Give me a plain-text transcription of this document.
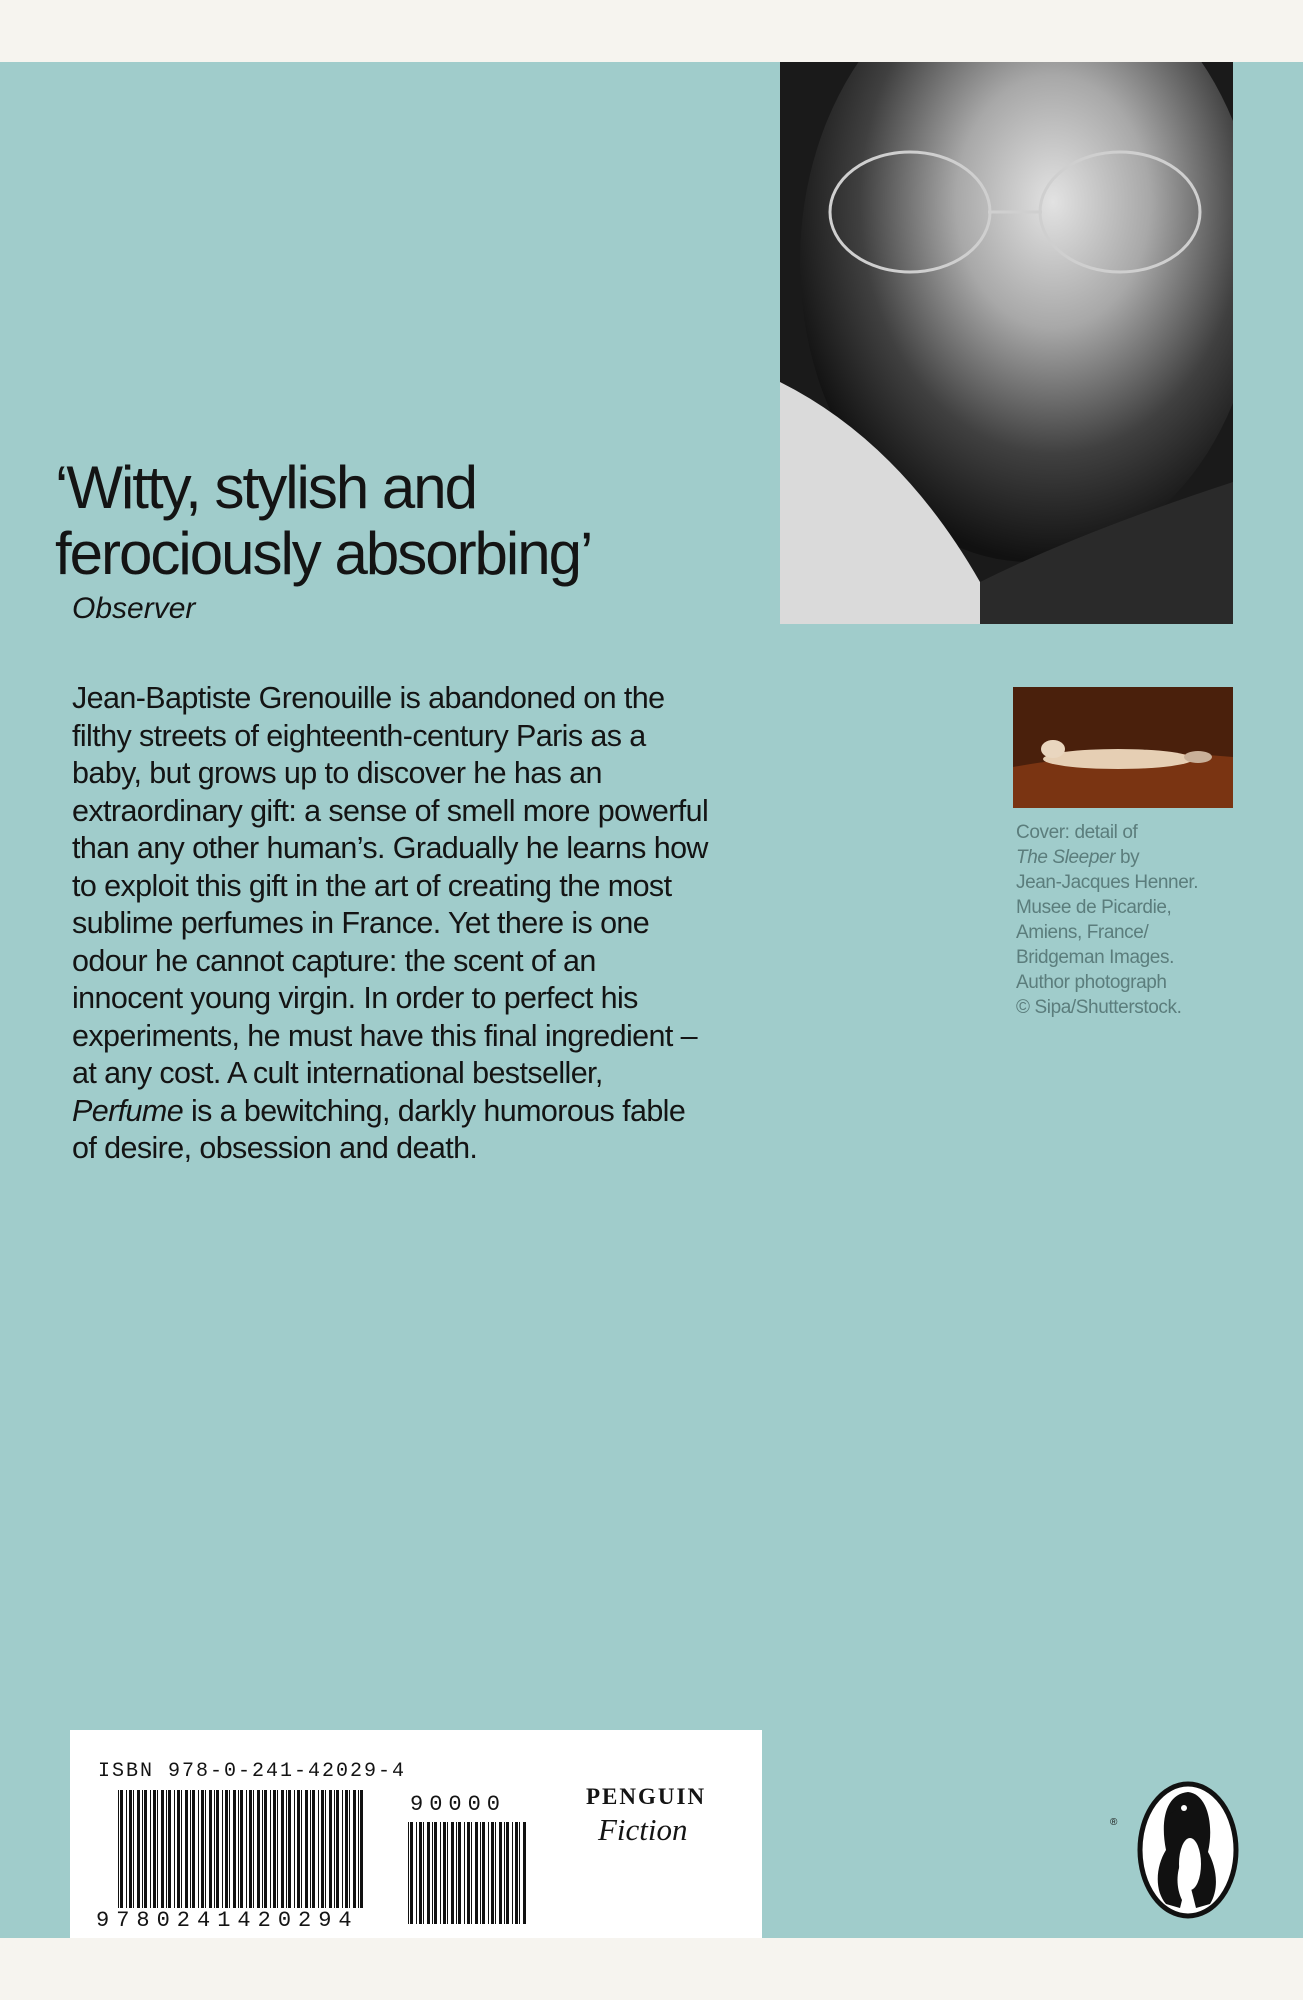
‘Witty, stylish and
ferociously absorbing’

Observer

Jean-Baptiste Grenouille is abandoned on the filthy streets of eighteenth-century Paris as a baby, but grows up to discover he has an extraordinary gift: a sense of smell more powerful than any other human’s. Gradually he learns how to exploit this gift in the art of creating the most sublime perfumes in France. Yet there is one odour he cannot capture: the scent of an innocent young virgin. In order to perfect his experiments, he must have this final ingredient – at any cost. A cult international bestseller, Perfume is a bewitching, darkly humorous fable of desire, obsession and death.

Cover: detail of
The Sleeper by
Jean-Jacques Henner.
Musee de Picardie,
Amiens, France/
Bridgeman Images.
Author photograph
© Sipa/Shutterstock.

ISBN 978-0-241-42029-4
9780241420294
90000	PENGUIN
Fiction	®
